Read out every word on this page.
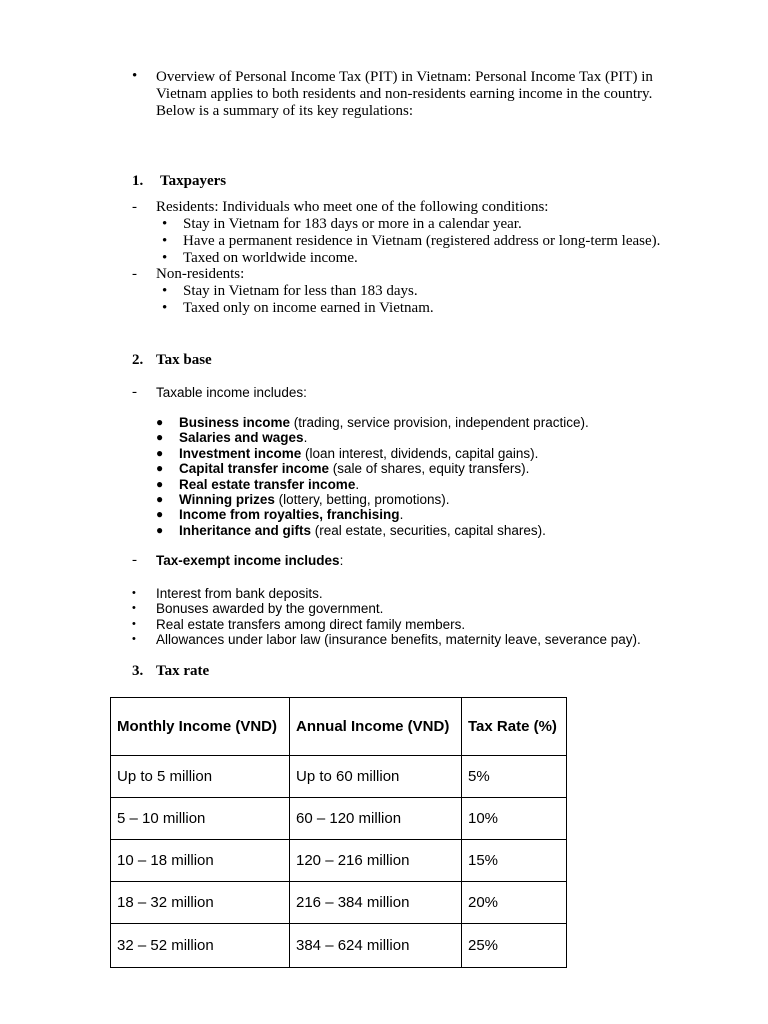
• Overview of Personal Income Tax (PIT) in Vietnam: Personal Income Tax (PIT) in
Vietnam applies to both residents and non-residents earning income in the country.
Below is a summary of its key regulations:
1. Taxpayers
- Residents: Individuals who meet one of the following conditions:
• Stay in Vietnam for 183 days or more in a calendar year.
• Have a permanent residence in Vietnam (registered address or long-term lease).
• Taxed on worldwide income.
- Non-residents:
• Stay in Vietnam for less than 183 days.
• Taxed only on income earned in Vietnam.
2. Tax base
- Taxable income includes:
● Business income (trading, service provision, independent practice).
● Salaries and wages.
● Investment income (loan interest, dividends, capital gains).
● Capital transfer income (sale of shares, equity transfers).
● Real estate transfer income.
● Winning prizes (lottery, betting, promotions).
● Income from royalties, franchising.
● Inheritance and gifts (real estate, securities, capital shares).
- Tax-exempt income includes:
• Interest from bank deposits.
• Bonuses awarded by the government.
• Real estate transfers among direct family members.
• Allowances under labor law (insurance benefits, maternity leave, severance pay).
3. Tax rate
Monthly Income (VND)	Annual Income (VND)	Tax Rate (%)
Up to 5 million	Up to 60 million	5%
5 – 10 million	60 – 120 million	10%
10 – 18 million	120 – 216 million	15%
18 – 32 million	216 – 384 million	20%
32 – 52 million	384 – 624 million	25%
